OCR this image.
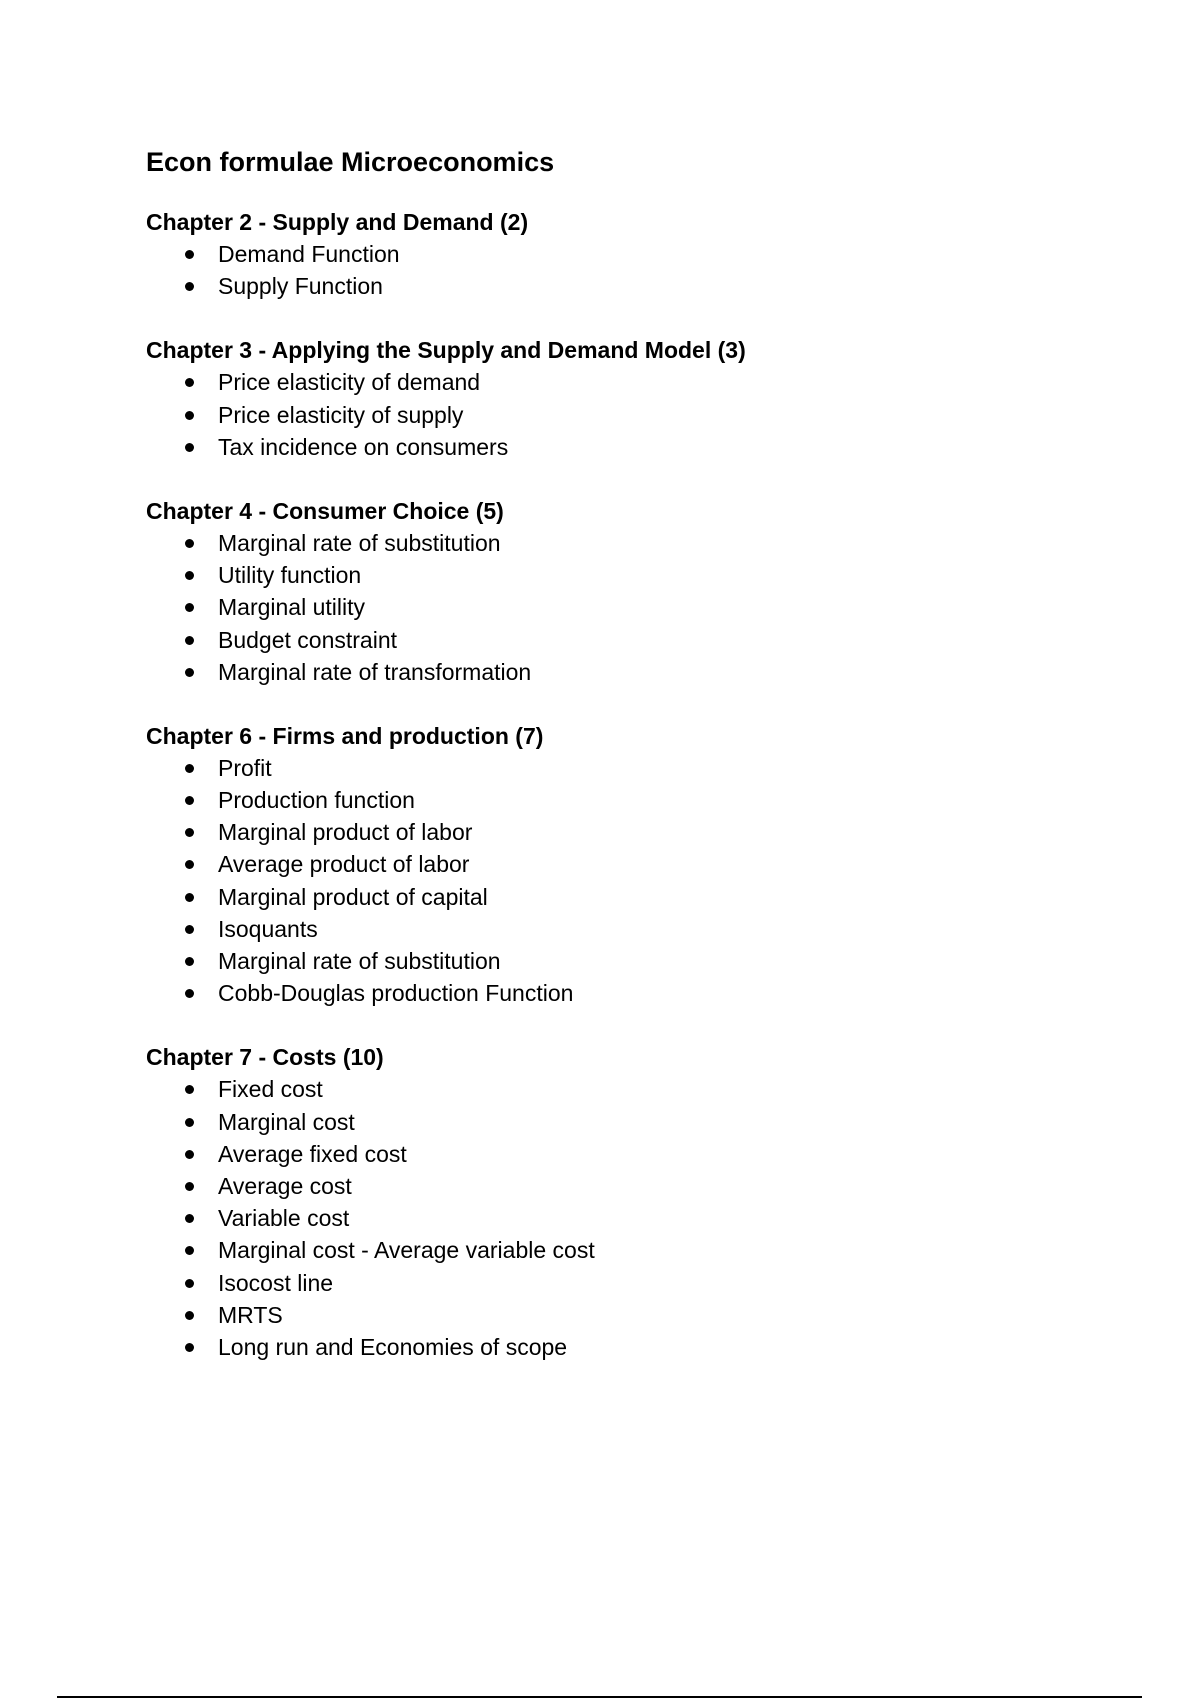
Econ formulae Microeconomics
Chapter 2 - Supply and Demand (2)
Demand Function
Supply Function
Chapter 3 - Applying the Supply and Demand Model (3)
Price elasticity of demand
Price elasticity of supply
Tax incidence on consumers
Chapter 4 - Consumer Choice (5)
Marginal rate of substitution
Utility function
Marginal utility
Budget constraint
Marginal rate of transformation
Chapter 6 - Firms and production (7)
Profit
Production function
Marginal product of labor
Average product of labor
Marginal product of capital
Isoquants
Marginal rate of substitution
Cobb-Douglas production Function
Chapter 7 - Costs (10)
Fixed cost
Marginal cost
Average fixed cost
Average cost
Variable cost
Marginal cost - Average variable cost
Isocost line
MRTS
Long run and Economies of scope
